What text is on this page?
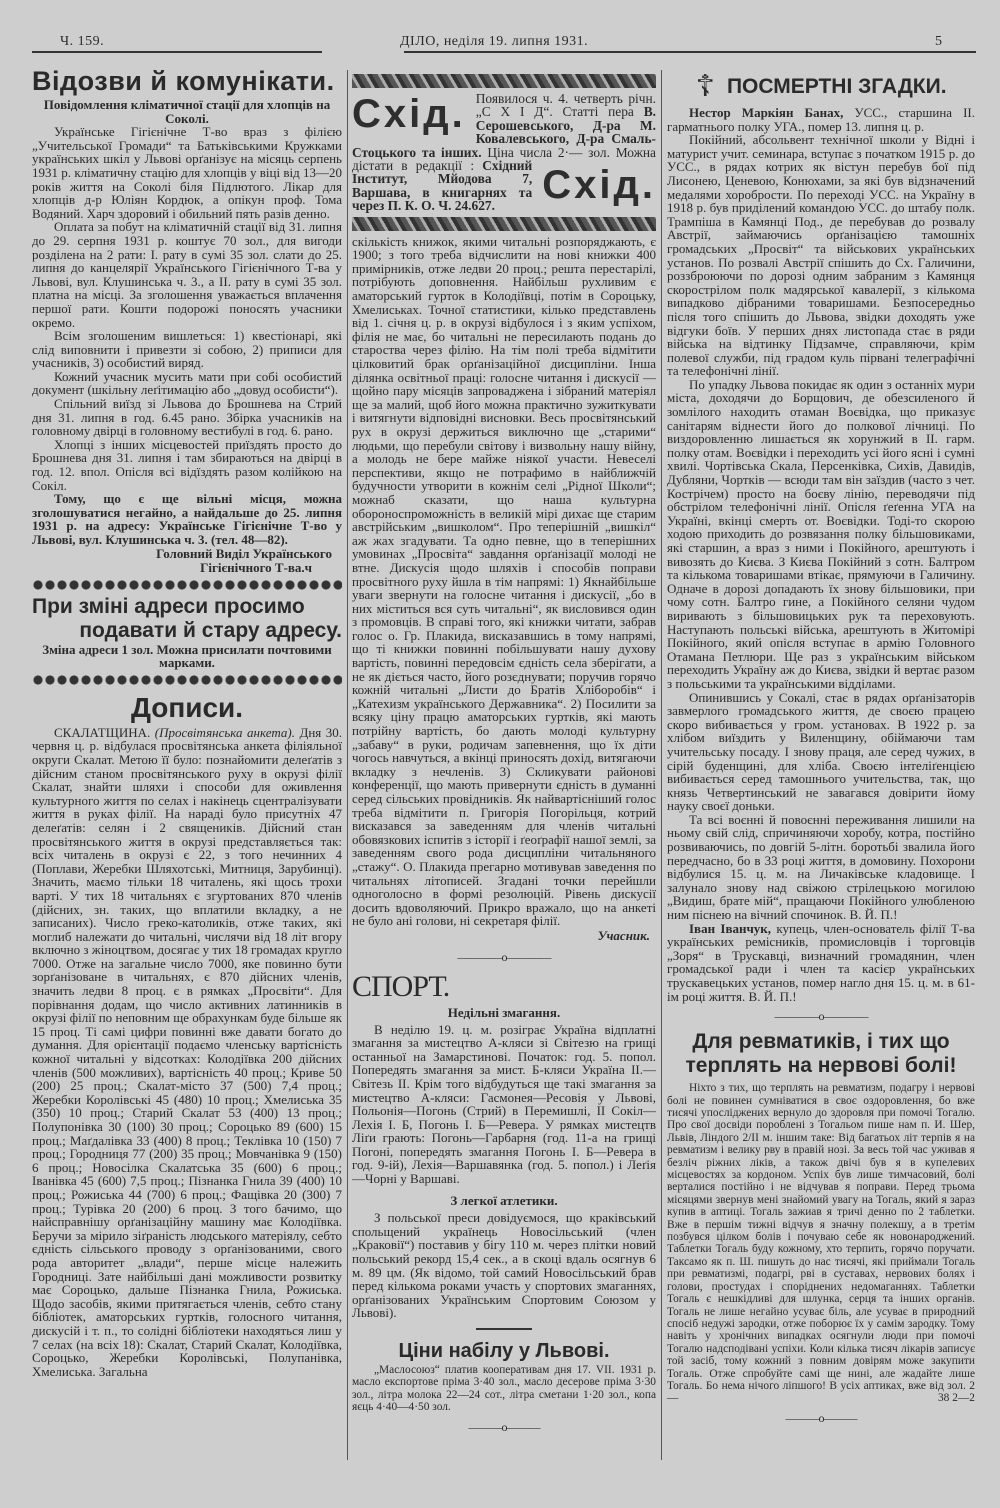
Ч. 159.	ДІЛО, неділя 19. липня 1931.	5
Відозви й комунікати.

Повідомлення кліматичної стації для хлопців на Соколі.

Українське Гігієнічне Т-во враз з філією „Учительської Громади“ та Батьківськими Кружками українських шкіл у Львові орґанізує на місяць серпень 1931 р. кліматичну стацію для хлопців у віці від 13—20 років життя на Соколі біля Підлютого. Лікар для хлопців д-р Юліян Кордюк, а опікун проф. Тома Водяний. Харч здоровий і обильний пять разів денно.

Оплата за побут на кліматичній стації від 31. липня до 29. серпня 1931 р. коштує 70 зол., для вигоди розділена на 2 рати: I. рату в сумі 35 зол. слати до 25. липня до канцелярії Українського Гігієнічного Т-ва у Львові, вул. Клушинська ч. 3., а II. рату в сумі 35 зол. платна на місці. За зголошення уважається вплачення першої рати. Кошти подорожі поносять учасники окремо.

Всім зголошеним вишлеться: 1) квестіонарі, які слід виповнити і привезти зі собою, 2) приписи для учасників, 3) особистий виряд.

Кожний учасник мусить мати при собі особистий документ (шкільну леґітимацію або „довуд особисти“).

Спільний виїзд зі Львова до Брошнева на Стрий дня 31. липня в год. 6.45 рано. Збірка учасників на головному двірці в головному вестибулі в год. 6. рано.

Хлопці з інших місцевостей приїздять просто до Брошнева дня 31. липня і там збираються на двірці в год. 12. впол. Опісля всі відїздять разом колійкою на Сокіл.

Тому, що є ще вільні місця, можна зголошуватися негайно, а найдальше до 25. липня 1931 р. на адресу: Українське Гігієнічне Т-во у Львові, вул. Клушинська ч. 3. (тел. 48—82).

Головний Виділ Українського
Гігієнічного Т-ва.ч
При зміні адреси просимо
подавати й стару адресу.

Зміна адреси 1 зол. Можна присилати почтовими марками.

Дописи.

СКАЛАТЩИНА. (Просвітянська анкета). Дня 30. червня ц. р. відбулася просвітянська анкета філіяльної округи Скалат. Метою її було: познайомити делеґатів з дійсним станом просвітянського руху в окрузі філії Скалат, знайти шляхи і способи для оживлення культурного життя по селах і накінець сцентралізувати життя в руках філії. На нараді було присутніх 47 делеґатів: селян і 2 священиків. Дійсний стан просвітянського життя в окрузі представляється так: всіх читалень в окрузі є 22, з того нечинних 4 (Поплави, Жеребки Шляхотські, Митниця, Зарубинці). Значить, маємо тільки 18 читалень, які щось трохи варті. У тих 18 читальнях є згуртованих 870 членів (дійсних, зн. таких, що вплатили вкладку, а не записаних). Число греко-католиків, отже таких, які моглиб належати до читальні, числячи від 18 літ вгору включно з жіноцтвом, досягає у тих 18 громадах кругло 7000. Отже на загальне число 7000, яке повинно бути зорґанізоване в читальнях, є 870 дійсних членів, значить ледви 8 проц. є в рямках „Просвіти“. Для порівнання додам, що число активних латинників в окрузі філії по неповним ще обрахункам буде більше як 15 проц. Ті самі цифри повинні вже давати богато до думання. Для орієнтації подаємо членську вартісність кожної читальні у відсотках: Колодіївка 200 дійсних членів (500 можливих), вартісність 40 проц.; Криве 50 (200) 25 проц.; Скалат-місто 37 (500) 7,4 проц.; Жеребки Королівські 45 (480) 10 проц.; Хмелиська 35 (350) 10 проц.; Старий Скалат 53 (400) 13 проц.; Полупонівка 30 (100) 30 проц.; Сороцько 89 (600) 15 проц.; Маґдалівка 33 (400) 8 проц.; Теклівка 10 (150) 7 проц.; Городниця 77 (200) 35 проц.; Мовчанівка 9 (150) 6 проц.; Новосілка Скалатська 35 (600) 6 проц.; Іванівка 45 (600) 7,5 проц.; Пізнанка Гнила 39 (400) 10 проц.; Рожиська 44 (700) 6 проц.; Фащівка 20 (300) 7 проц.; Турівка 20 (200) 6 проц. З того бачимо, що найсправнішу орґанізаційну машину має Колодіївка. Беручи за мірило зіґраність людського матеріялу, себто єдність сільського проводу з орґанізованими, свого рода авторитет „влади“, перше місце належить Городниці. Зате найбільші дані можливости розвитку має Сороцько, дальше Пізнанка Гнила, Рожиська. Щодо засобів, якими притягається членів, себто стану бібліотек, аматорських гуртків, голосного читання, дискусій і т. п., то солідні бібліотеки находяться лиш у 7 селах (на всіх 18): Скалат, Старий Скалат, Колодіївка, Сороцько, Жеребки Королівські, Полупанівка, Хмелиська. Загальна

Схід. Появилося ч. 4. четверть річн. „С Х І Д“. Статті пера В. Серошевського, Д-ра М. Ковалевського, Д-ра Смаль-Стоцького та інших. Ціна числа 2·— зол. Можна дістати в редакції : Схід.
Східний Інститут, Мйодова 7, Варшава, в книгарнях та через П. К. О. Ч. 24.627.

скількість книжок, якими читальні розпоряджають, є 1900; з того треба відчислити на нові книжки 400 примірників, отже ледви 20 проц.; решта перестарілі, потрібують доповнення. Найбільш рухливим є аматорський гурток в Колодіївці, потім в Сороцьку, Хмелиськах. Точної статистики, кілько представлень від 1. січня ц. р. в окрузі відбулося і з яким успіхом, філія не має, бо читальні не пересилають подань до староства через філію. На тім полі треба відмітити цілковитий брак орґанізаційної дисципліни. Інша ділянка освітньої праці: голосне читання і дискусії — щойно пару місяців запроваджена і зібраний матеріял ще за малий, щоб його можна практично зужиткувати і витягнути відповідні висновки. Весь просвітянський рух в окрузі держиться виключно ще „старими“ людьми, що перебули світову і визвольну нашу війну, а молодь не бере майже ніякої участи. Невеселі перспективи, якщо не потрафимо в найближчій будучности утворити в кожнім селі „Рідної Школи“; можнаб сказати, що наша культурна обороноспроможність в великій мірі дихає ще старим австрійським „вишколом“. Про теперішній „вишкіл“ аж жах згадувати. Та одно певне, що в теперішних умовинах „Просвіта“ завдання орґанізації молоді не втне. Дискусія щодо шляхів і способів поправи просвітного руху йшла в тім напрямі: 1) Якнайбільше уваги звернути на голосне читання і дискусії, „бо в них міститься вся суть читальні“, як висловився один з промовців. В справі того, які книжки читати, забрав голос о. Гр. Плакида, висказавшись в тому напрямі, що ті книжки повинні побільшувати нашу духову вартість, повинні передовсім єдність села зберігати, а не як діється часто, його розєднувати; поручив горячо кожній читальні „Листи до Братів Хліборобів“ і „Катехизм українського Державника“. 2) Посилити за всяку ціну працю аматорських гуртків, які мають потрійну вартість, бо дають молоді культурну „забаву“ в руки, родичам запевнення, що їх діти чогось навчуться, а вкінці приносять дохід, витягаючи вкладку з нечленів. 3) Скликувати районові конференції, що мають привернути єдність в думанні серед сільських провідників. Як найвартісніший голос треба відмітити п. Григорія Погорільця, котрий висказався за заведенням для членів читальні обовязкових іспитів з історії і ґеоґрафії нашої землі, за заведенням свого рода дисципліни читальняного „стажу“. О. Плакида прегарно мотивував заведення по читальнях літописей. Згадані точки перейшли одноголосно в формі резолюцій. Рівень дискусії досить вдоволяючий. Прикро вражало, що на анкеті не було ані голови, ні секретаря філії.

Учасник.
————o————
СПОРТ.

Недільні змагання.

В неділю 19. ц. м. розіграє Україна відплатні змагання за мистецтво А-кляси зі Світезю на грищі останньої на Замарстинові. Початок: год. 5. попол. Попередять змагання за мист. Б-кляси Україна II.—Світезь II. Крім того відбудуться ще такі змагання за мистецтво А-кляси: Гасмонея—Ресовія у Львові, Польонія—Погонь (Стрий) в Перемишлі, II Сокіл—Лехія I. Б, Погонь I. Б—Ревера. У рямках мистецтв Ліґи грають: Погонь—Гарбарня (год. 11-а на грищі Погоні, попередять змагання Погонь I. Б—Ревера в год. 9-ій), Лехія—Варшавянка (год. 5. попол.) і Леґія—Чорні у Варшаві.

З легкої атлетики.

З польської преси довідуємося, що краківський спольщений українець Новосільський (член „Краковії“) поставив у бігу 110 м. через плітки новий польський рекорд 15,4 сек., а в скоці вдаль осягнув 6 м. 89 цм. (Як відомо, той самий Новосільський брав перед кількома роками участь у спортових змаганнях, орґанізованих Українським Спортовим Союзом у Львові).

Ціни набілу у Львові.

„Маслосоюз“ платив кооперативам дня 17. VII. 1931 р. масло експортове пріма 3·40 зол., масло десерове пріма 3·30 зол., літра молока 22—24 сот., літра сметани 1·20 зол., копа яєць 4·40—4·50 зол.

———o———
☦ ПОСМЕРТНІ ЗГАДКИ.

Нестор Маркіян Банах, УСС., старшина II. гарматнього полку УГА., помер 13. липня ц. р.

Покійний, абсольвент технічної школи у Відні і матурист учит. семинара, вступає з початком 1915 р. до УСС., в рядах котрих як вістун перебув бої під Лисонею, Ценевою, Конюхами, за які був відзначений медалями хоробрости. По переході УСС. на Україну в 1918 р. був приділений командою УСС. до штабу полк. Трампіша в Камянці Под., де перебував до розвалу Австрії, займаючись орґанізацією тамошніх громадських „Просвіт“ та військових українських установ. По розвалі Австрії спішить до Сх. Галичини, роззброюючи по дорозі одним забраним з Камянця скорострілом полк мадярської кавалерії, з кількома випадково дібраними товаришами. Безпосередньо після того спішить до Львова, звідки доходять уже відгуки боїв. У перших днях листопада стає в ряди війська на відтинку Підзамче, справляючи, крім полевої служби, під градом куль пірвані телеграфічні та телефонічні лінії.

По упадку Львова покидає як один з останніх мури міста, доходячи до Борщович, де обезсиленого й зомлілого находить отаман Воєвідка, що приказує санітарям віднести його до полкової лічниці. По виздоровленню лишається як хорунжий в II. гарм. полку отам. Воєвідки і переходить усі його ясні і сумні хвилі. Чортівська Скала, Персенківка, Сихів, Давидів, Дубляни, Чортків — всюди там він заїздив (часто з чет. Кострічем) просто на боєву лінію, переводячи під обстрілом телефонічні лінії. Опісля ґеґенна УГА на Україні, вкінці смерть от. Воєвідки. Тоді-то скорою ходою приходить до розвязання полку більшовиками, які старшин, а враз з ними і Покійного, арештують і вивозять до Києва. З Києва Покійний з сотн. Балтром та кількома товаришами втікає, прямуючи в Галичину. Одначе в дорозі допадають їх знову більшовики, при чому сотн. Балтро гине, а Покійного селяни чудом виривають з більшовицьких рук та переховують. Наступають польські війська, арештують в Житомірі Покійного, який опісля вступає в армію Головного Отамана Петлюри. Ще раз з українським військом переходить Україну аж до Києва, звідки й вертає разом з польськими та українськими відділами.

Опинившись у Сокалі, стає в рядах орґанізаторів завмерлого громадського життя, де своєю працею скоро вибивається у гром. установах. В 1922 р. за хлібом виїздить у Виленщину, обіймаючи там учительську посаду. І знову праця, але серед чужих, в сірій буденщині, для хліба. Своєю інтеліґенцією вибивається серед тамошнього учительства, так, що князь Четвертинський не завагався довірити йому науку своєї доньки.

Та всі воєнні й повоєнні переживання лишили на ньому свій слід, спричиняючи хоробу, котра, постійно розвиваючись, по довгій 5-літн. боротьбі звалила його передчасно, бо в 33 році життя, в домовину. Похорони відбулися 15. ц. м. на Личаківське кладовище. І залунало знову над свіжою стрілецькою могилою „Видиш, брате мій“, пращаючи Покійного улюбленою ним піснею на вічний спочинок. В. Й. П.!

Іван Іванчук, купець, член-основатель філії Т-ва українських ремісників, промисловців і торговців „Зоря“ в Трускавці, визначний громадянин, член громадської ради і член та касієр українських трускавецьких установ, помер нагло дня 15. ц. м. в 61-ім році життя. В. Й. П.!

————o————
Для ревматиків, і тих що терплять на нервові болі!

Ніхто з тих, що терплять на ревматизм, подагру і нервові болі не повинен сумніватися в своє оздоровлення, бо вже тисячі упосліджених вернуло до здоровля при помочі Тогалю. Про свої досвіди пороблені з Тогальом пише нам п. И. Шер, Львів, Ліндого 2/II м. іншим таке: Від багатьох літ терпів я на ревматизм і велику рву в правій нозі. За весь той час уживав я безліч ріжних ліків, а також двічі був я в купелевих місцевостях за кордоном. Успіх був лише тимчасовий, болі верталися постійно і не відчував я поправи. Перед трьома місяцями звернув мені знайомий увагу на Тогаль, який я зараз купив в аптиці. Тогаль зажиав я тричі денно по 2 таблетки. Вже в першім тижні відчув я значну полекшу, а в третім позбувся цілком болів і почуваю себе як новонароджений. Таблетки Тогаль буду кожному, хто терпить, горячо поручати. Таксамо як п. Ш. пишуть до нас тисячі, які приймали Тогаль при ревматизмі, подагрі, рві в суставах, нервових болях і голови, простудах і споріднених недомаганнях. Таблетки Тогаль є нешкідливі для шлунка, серця та інших органів. Тогаль не лише негайно усуває біль, але усуває в природний спосіб недужі зародки, отже поборює їх у самім зародку. Тому навіть у хронічних випадках осягнули люди при помочі Тогалю надсподівані успіхи. Коли кілька тисяч лікарів записує той засіб, тому кожний з повним довірям може закупити Тогаль. Отже спробуйте самі ще нині, але жадайте лише Тогаль. Бо нема нічого ліпшого! В усіх аптиках, вже від зол. 2—	38 2—2

———o———
